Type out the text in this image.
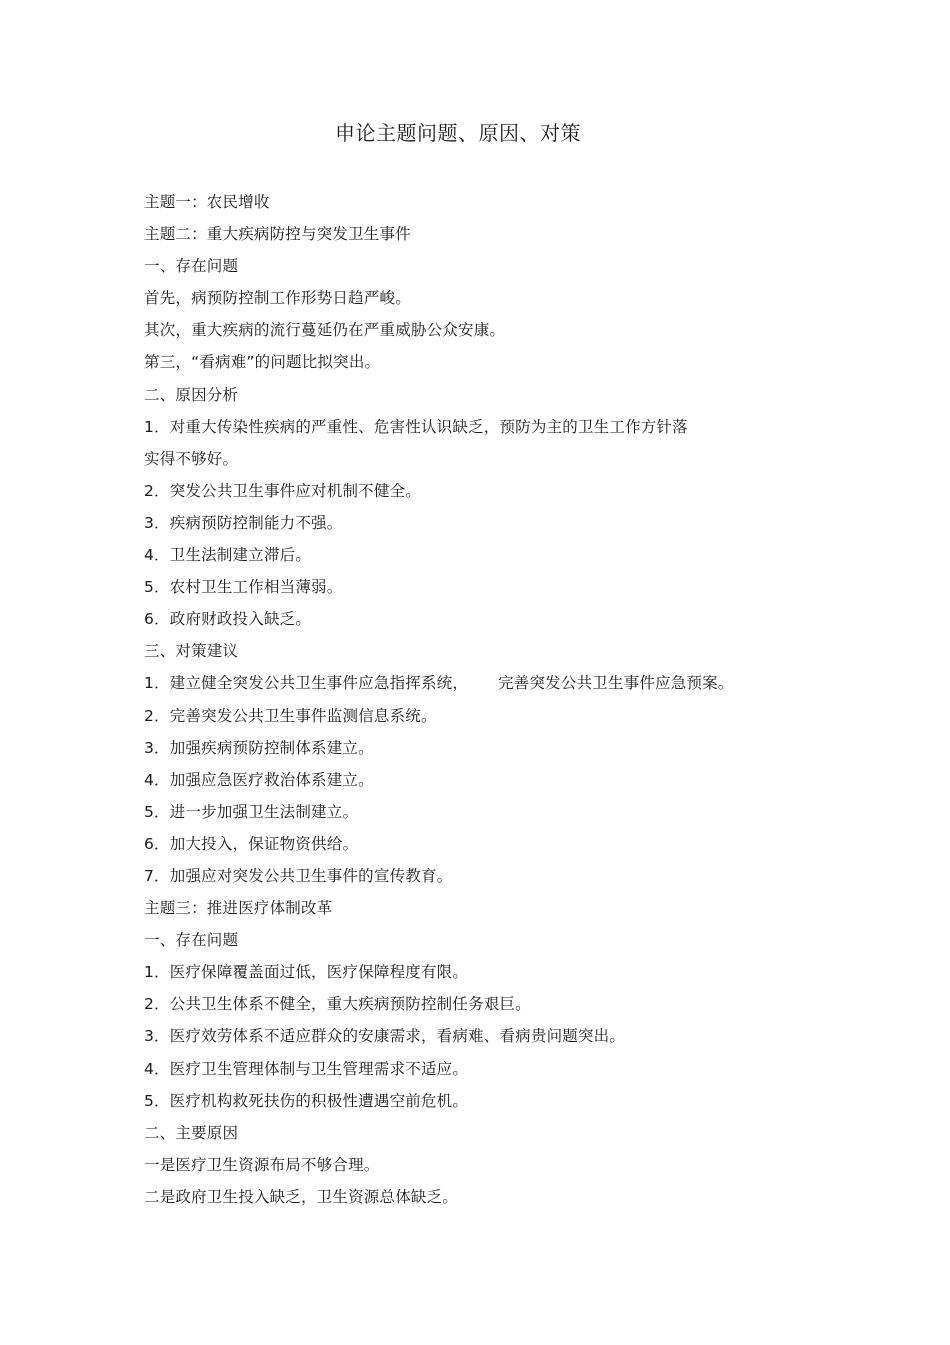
申论主题问题、原因、对策
主题一：农民增收
主题二：重大疾病防控与突发卫生事件
一、存在问题
首先，病预防控制工作形势日趋严峻。
其次，重大疾病的流行蔓延仍在严重威胁公众安康。
第三，“看病难”的问题比拟突出。
二、原因分析
1．对重大传染性疾病的严重性、危害性认识缺乏，预防为主的卫生工作方针落
实得不够好。
2．突发公共卫生事件应对机制不健全。
3．疾病预防控制能力不强。
4．卫生法制建立滞后。
5．农村卫生工作相当薄弱。
6．政府财政投入缺乏。
三、对策建议
1．建立健全突发公共卫生事件应急指挥系统， 完善突发公共卫生事件应急预案。
2．完善突发公共卫生事件监测信息系统。
3．加强疾病预防控制体系建立。
4．加强应急医疗救治体系建立。
5．进一步加强卫生法制建立。
6．加大投入，保证物资供给。
7．加强应对突发公共卫生事件的宣传教育。
主题三：推进医疗体制改革
一、存在问题
1．医疗保障覆盖面过低，医疗保障程度有限。
2．公共卫生体系不健全，重大疾病预防控制任务艰巨。
3．医疗效劳体系不适应群众的安康需求，看病难、看病贵问题突出。
4．医疗卫生管理体制与卫生管理需求不适应。
5．医疗机构救死扶伤的积极性遭遇空前危机。
二、主要原因
一是医疗卫生资源布局不够合理。
二是政府卫生投入缺乏，卫生资源总体缺乏。
